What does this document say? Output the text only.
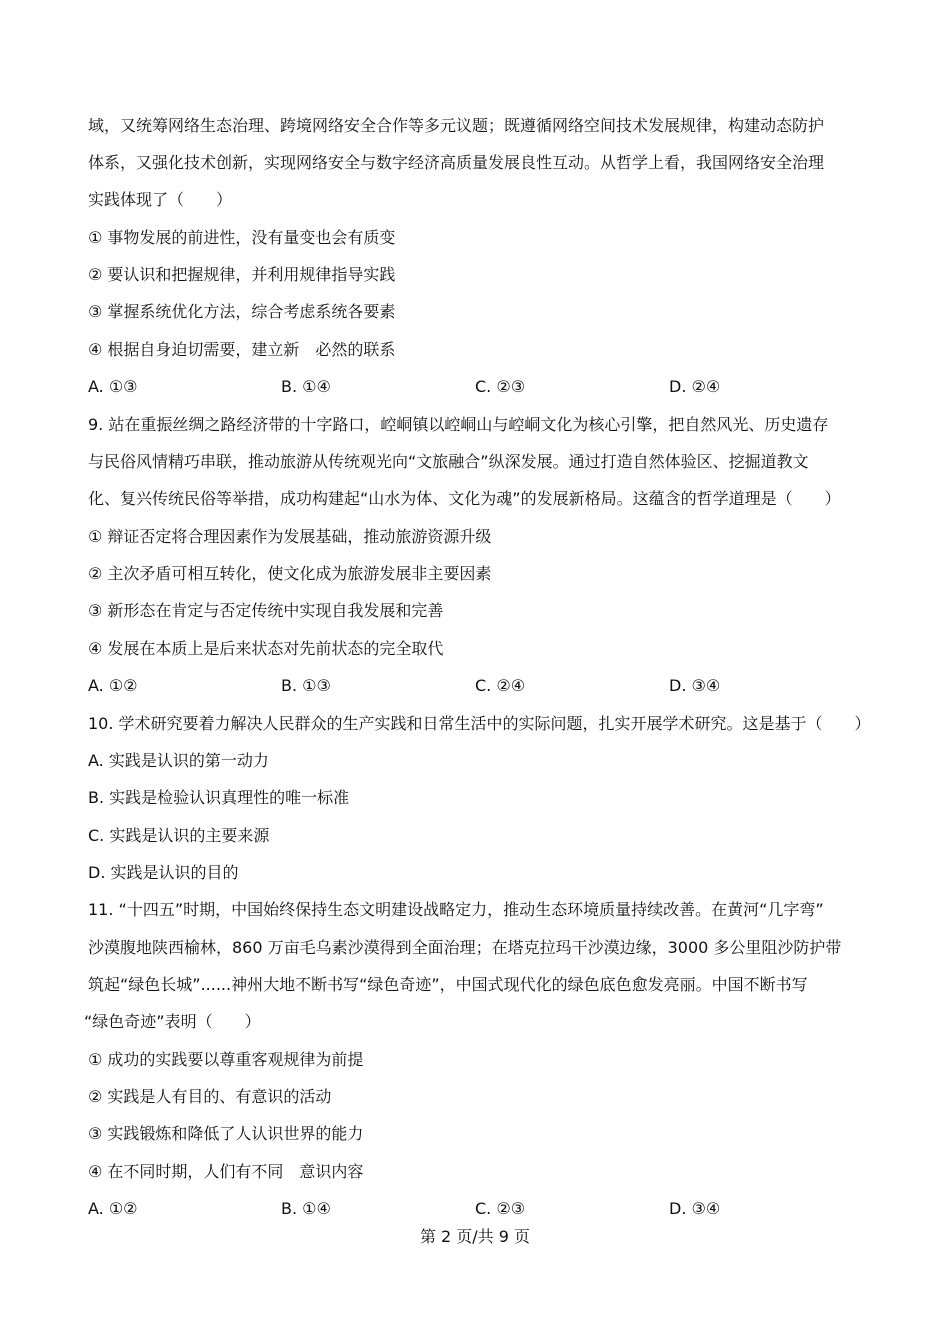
域，又统筹网络生态治理、跨境网络安全合作等多元议题；既遵循网络空间技术发展规律，构建动态防护
体系，又强化技术创新，实现网络安全与数字经济高质量发展良性互动。从哲学上看，我国网络安全治理
实践体现了（　　）
① 事物发展的前进性，没有量变也会有质变
② 要认识和把握规律，并利用规律指导实践
③ 掌握系统优化方法，综合考虑系统各要素
④ 根据自身迫切需要，建立新　必然的联系
A. ①③	B. ①④	C. ②③	D. ②④
9. 站在重振丝绸之路经济带的十字路口，崆峒镇以崆峒山与崆峒文化为核心引擎，把自然风光、历史遗存
与民俗风情精巧串联，推动旅游从传统观光向“文旅融合”纵深发展。通过打造自然体验区、挖掘道教文
化、复兴传统民俗等举措，成功构建起“山水为体、文化为魂”的发展新格局。这蕴含的哲学道理是（　　）
① 辩证否定将合理因素作为发展基础，推动旅游资源升级
② 主次矛盾可相互转化，使文化成为旅游发展非主要因素
③ 新形态在肯定与否定传统中实现自我发展和完善
④ 发展在本质上是后来状态对先前状态的完全取代
A. ①②	B. ①③	C. ②④	D. ③④
10. 学术研究要着力解决人民群众的生产实践和日常生活中的实际问题，扎实开展学术研究。这是基于（　　）
A. 实践是认识的第一动力
B. 实践是检验认识真理性的唯一标准
C. 实践是认识的主要来源
D. 实践是认识的目的
11. “十四五”时期，中国始终保持生态文明建设战略定力，推动生态环境质量持续改善。在黄河“几字弯”
沙漠腹地陕西榆林，860 万亩毛乌素沙漠得到全面治理；在塔克拉玛干沙漠边缘，3000 多公里阻沙防护带
筑起“绿色长城”......神州大地不断书写“绿色奇迹”，中国式现代化的绿色底色愈发亮丽。中国不断书写
“绿色奇迹”表明（　　）
① 成功的实践要以尊重客观规律为前提
② 实践是人有目的、有意识的活动
③ 实践锻炼和降低了人认识世界的能力
④ 在不同时期，人们有不同　意识内容
A. ①②	B. ①④	C. ②③	D. ③④
第 2 页/共 9 页
